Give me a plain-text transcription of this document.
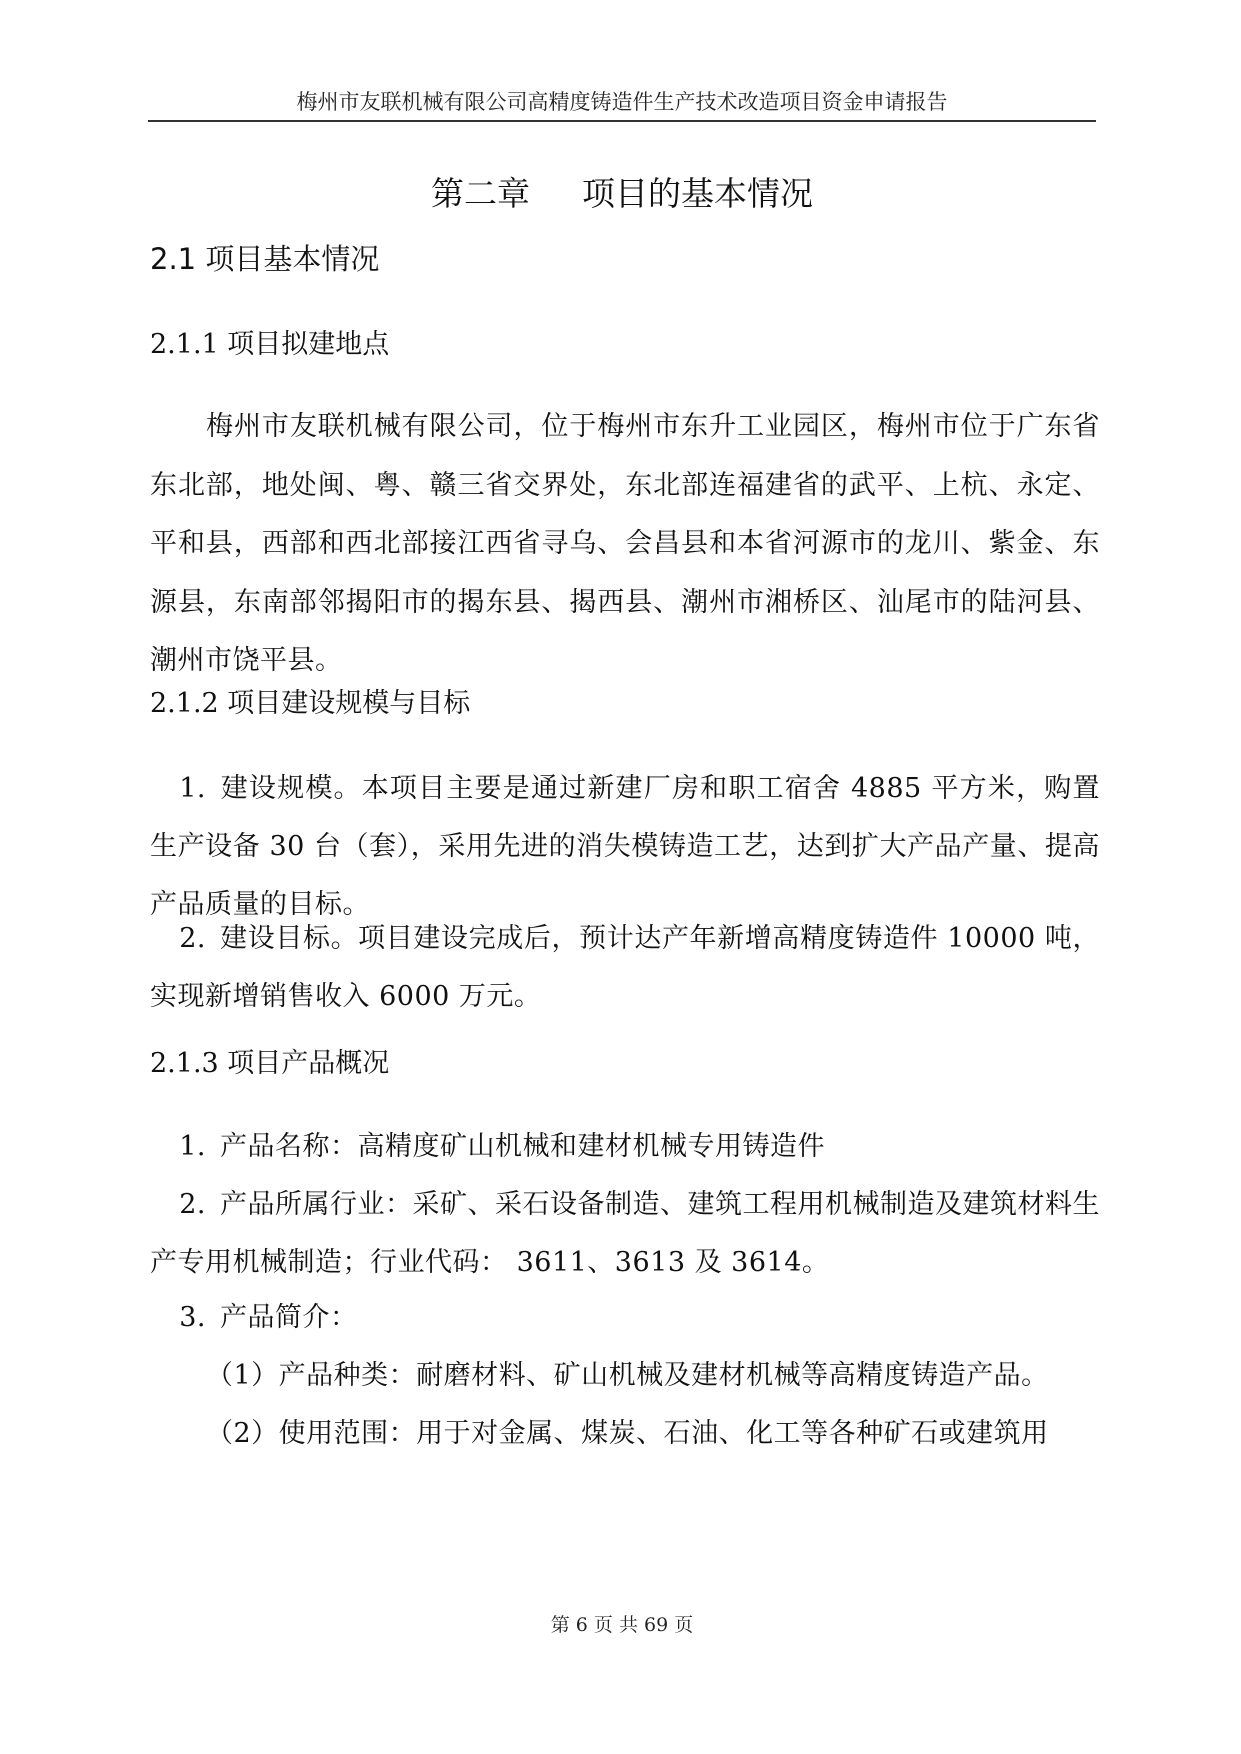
梅州市友联机械有限公司高精度铸造件生产技术改造项目资金申请报告
第二章 项目的基本情况
2.1 项目基本情况
2.1.1 项目拟建地点

梅州市友联机械有限公司，位于梅州市东升工业园区，梅州市位于广东省东北部，地处闽、粤、赣三省交界处，东北部连福建省的武平、上杭、永定、平和县，西部和西北部接江西省寻乌、会昌县和本省河源市的龙川、紫金、东源县，东南部邻揭阳市的揭东县、揭西县、潮州市湘桥区、汕尾市的陆河县、潮州市饶平县。

2.1.2 项目建设规模与目标

1. 建设规模。本项目主要是通过新建厂房和职工宿舍 4885 平方米，购置生产设备 30 台（套），采用先进的消失模铸造工艺，达到扩大产品产量、提高产品质量的目标。

2. 建设目标。项目建设完成后，预计达产年新增高精度铸造件 10000 吨，实现新增销售收入 6000 万元。

2.1.3 项目产品概况

1. 产品名称：高精度矿山机械和建材机械专用铸造件

2. 产品所属行业：采矿、采石设备制造、建筑工程用机械制造及建筑材料生产专用机械制造；行业代码： 3611、3613 及 3614。

3. 产品简介：

（1）产品种类：耐磨材料、矿山机械及建材机械等高精度铸造产品。

（2）使用范围：用于对金属、煤炭、石油、化工等各种矿石或建筑用

第 6 页 共 69 页
